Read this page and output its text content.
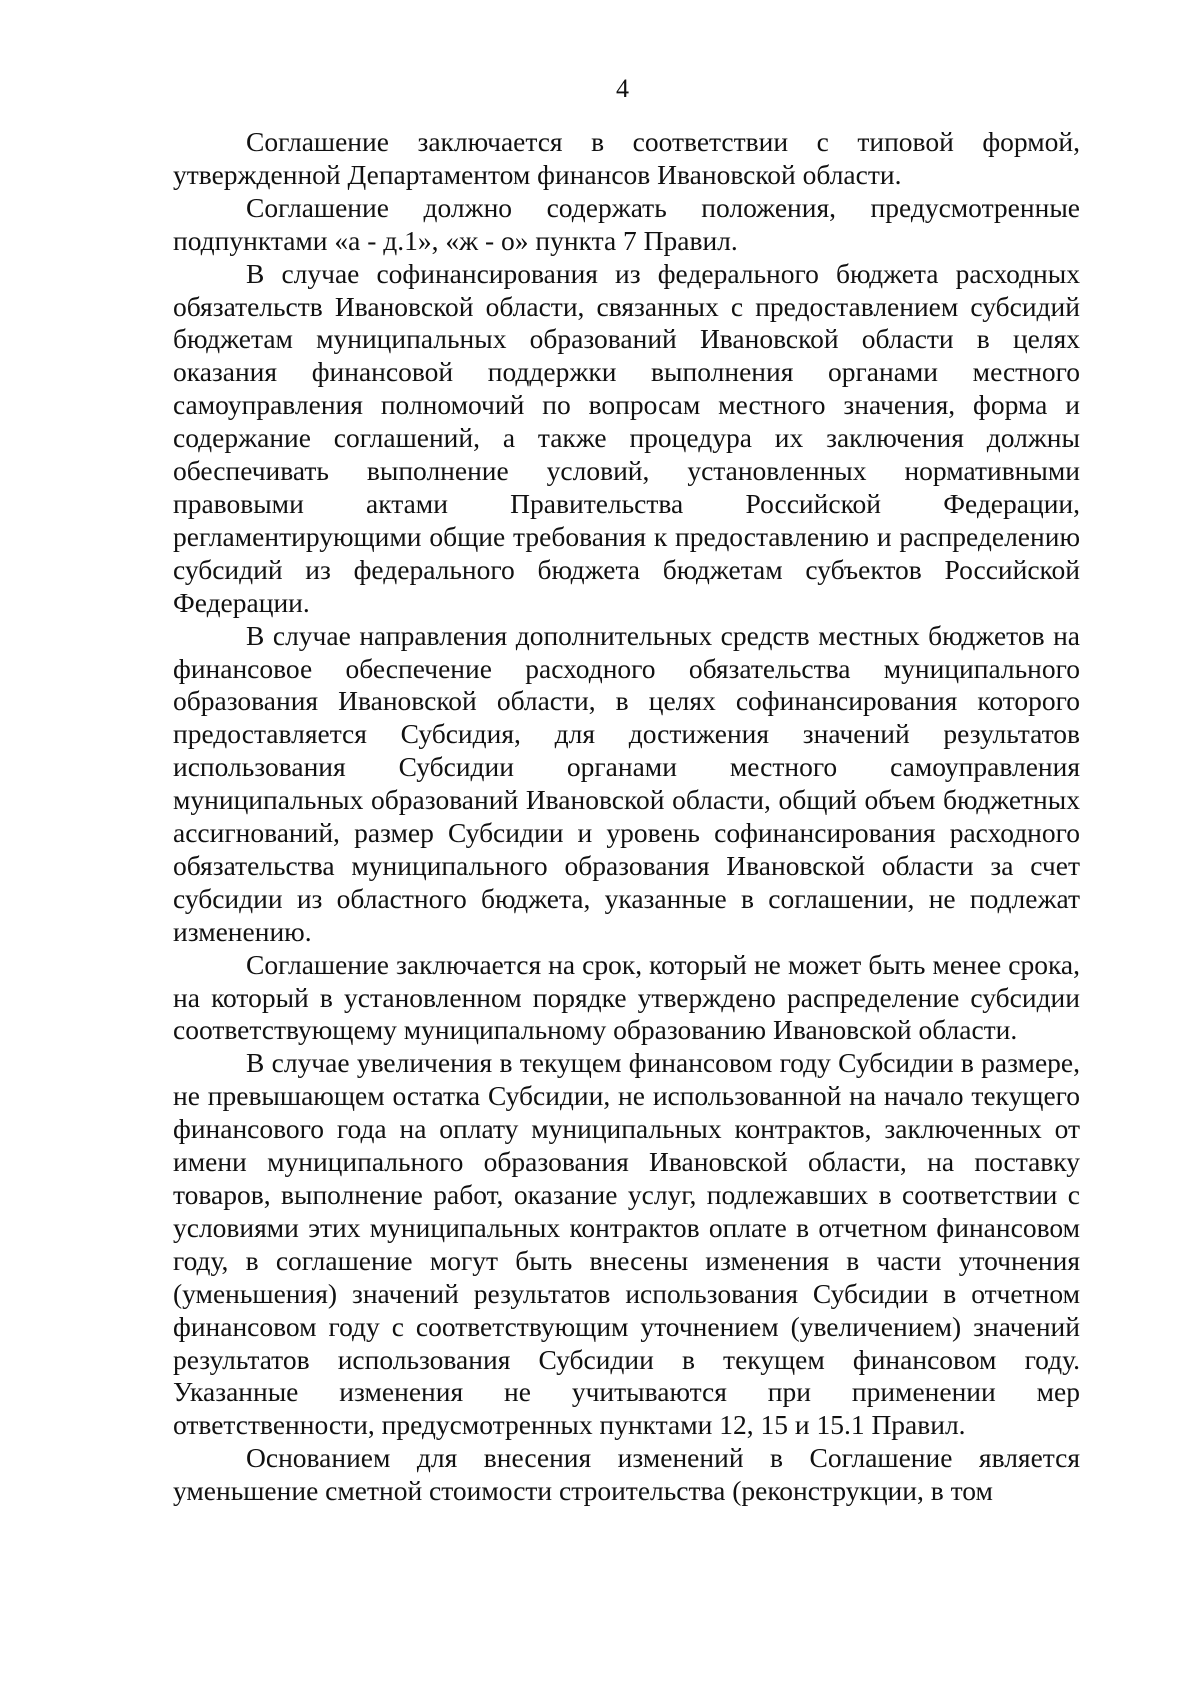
4

Соглашение заключается в соответствии с типовой формой, утвержденной Департаментом финансов Ивановской области.

Соглашение должно содержать положения, предусмотренные подпунктами «а - д.1», «ж - о» пункта 7 Правил.

В случае софинансирования из федерального бюджета расходных обязательств Ивановской области, связанных с предоставлением субсидий бюджетам муниципальных образований Ивановской области в целях оказания финансовой поддержки выполнения органами местного самоуправления полномочий по вопросам местного значения, форма и содержание соглашений, а также процедура их заключения должны обеспечивать выполнение условий, установленных нормативными правовыми актами Правительства Российской Федерации, регламентирующими общие требования к предоставлению и распределению субсидий из федерального бюджета бюджетам субъектов Российской Федерации.

В случае направления дополнительных средств местных бюджетов на финансовое обеспечение расходного обязательства муниципального образования Ивановской области, в целях софинансирования которого предоставляется Субсидия, для достижения значений результатов использования Субсидии органами местного самоуправления муниципальных образований Ивановской области, общий объем бюджетных ассигнований, размер Субсидии и уровень софинансирования расходного обязательства муниципального образования Ивановской области за счет субсидии из областного бюджета, указанные в соглашении, не подлежат изменению.

Соглашение заключается на срок, который не может быть менее срока, на который в установленном порядке утверждено распределение субсидии соответствующему муниципальному образованию Ивановской области.

В случае увеличения в текущем финансовом году Субсидии в размере, не превышающем остатка Субсидии, не использованной на начало текущего финансового года на оплату муниципальных контрактов, заключенных от имени муниципального образования Ивановской области, на поставку товаров, выполнение работ, оказание услуг, подлежавших в соответствии с условиями этих муниципальных контрактов оплате в отчетном финансовом году, в соглашение могут быть внесены изменения в части уточнения (уменьшения) значений результатов использования Субсидии в отчетном финансовом году с соответствующим уточнением (увеличением) значений результатов использования Субсидии в текущем финансовом году. Указанные изменения не учитываются при применении мер ответственности, предусмотренных пунктами 12, 15 и 15.1 Правил.

Основанием для внесения изменений в Соглашение является уменьшение сметной стоимости строительства (реконструкции, в том
